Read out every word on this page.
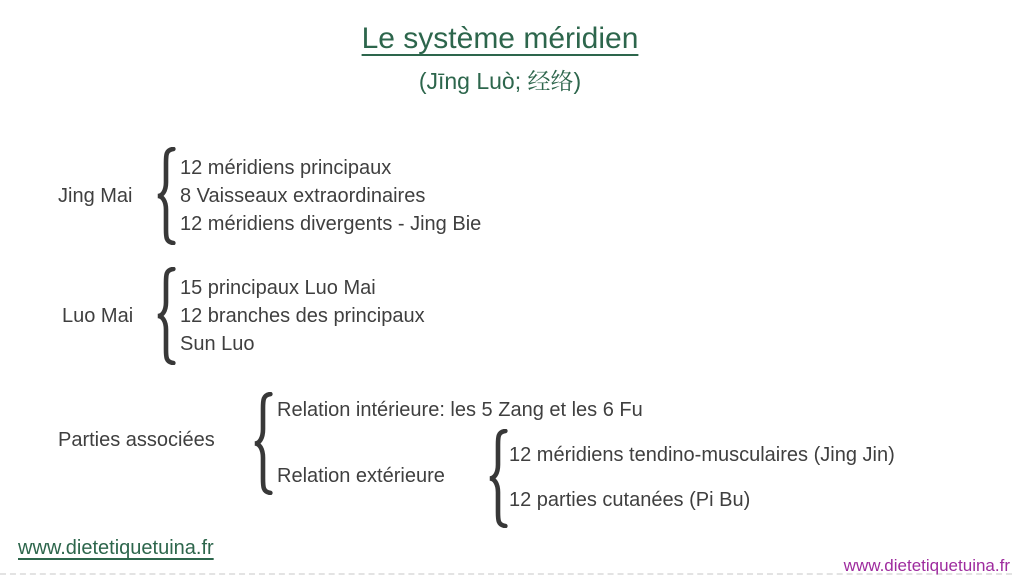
Le système méridien
(Jīng Luò; 经络)
Jing Mai
12 méridiens principaux
8 Vaisseaux extraordinaires
12 méridiens divergents - Jing Bie
Luo Mai
15 principaux Luo Mai
12 branches des principaux
Sun Luo
Parties associées
Relation intérieure: les 5 Zang et les 6 Fu
Relation extérieure
12 méridiens tendino-musculaires (Jing Jin)
12 parties cutanées (Pi Bu)
www.dietetiquetuina.fr
www.dietetiquetuina.fr
